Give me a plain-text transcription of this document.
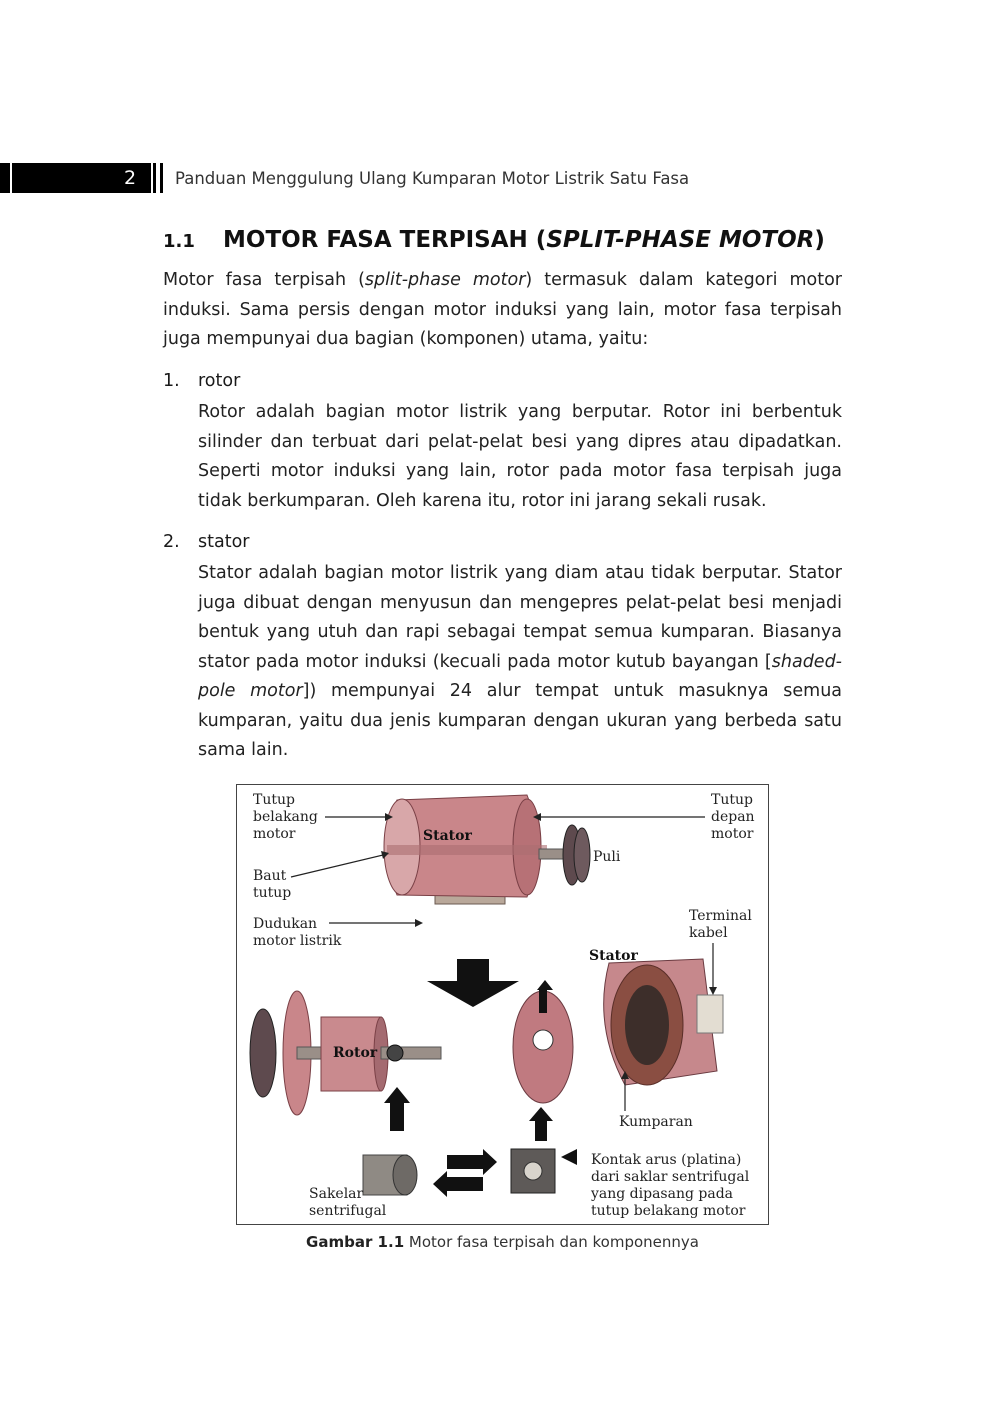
2 Panduan Menggulung Ulang Kumparan Motor Listrik Satu Fasa
1.1 MOTOR FASA TERPISAH (SPLIT-PHASE MOTOR)
Motor fasa terpisah (split-phase motor) termasuk dalam kategori motor induksi. Sama persis dengan motor induksi yang lain, motor fasa terpisah juga mempunyai dua bagian (komponen) utama, yaitu:
1. rotor
Rotor adalah bagian motor listrik yang berputar. Rotor ini berbentuk silinder dan terbuat dari pelat-pelat besi yang dipres atau dipadatkan. Seperti motor induksi yang lain, rotor pada motor fasa terpisah juga tidak berkumparan. Oleh karena itu, rotor ini jarang sekali rusak.
2. stator
Stator adalah bagian motor listrik yang diam atau tidak berputar. Stator juga dibuat dengan menyusun dan mengepres pelat-pelat besi menjadi bentuk yang utuh dan rapi sebagai tempat semua kumparan. Biasanya stator pada motor induksi (kecuali pada motor kutub bayangan [shaded-pole motor]) mempunyai 24 alur tempat untuk masuknya semua kumparan, yaitu dua jenis kumparan dengan ukuran yang berbeda satu sama lain.
Stator
Tutup
belakang
motor
Tutup
depan
motor
Puli
Baut
tutup
Dudukan
motor listrik
Rotor
Stator
Terminal
kabel
Kumparan
Sakelar
sentrifugal
Kontak arus (platina)
dari saklar sentrifugal
yang dipasang pada
tutup belakang motor
Gambar 1.1 Motor fasa terpisah dan komponennya
